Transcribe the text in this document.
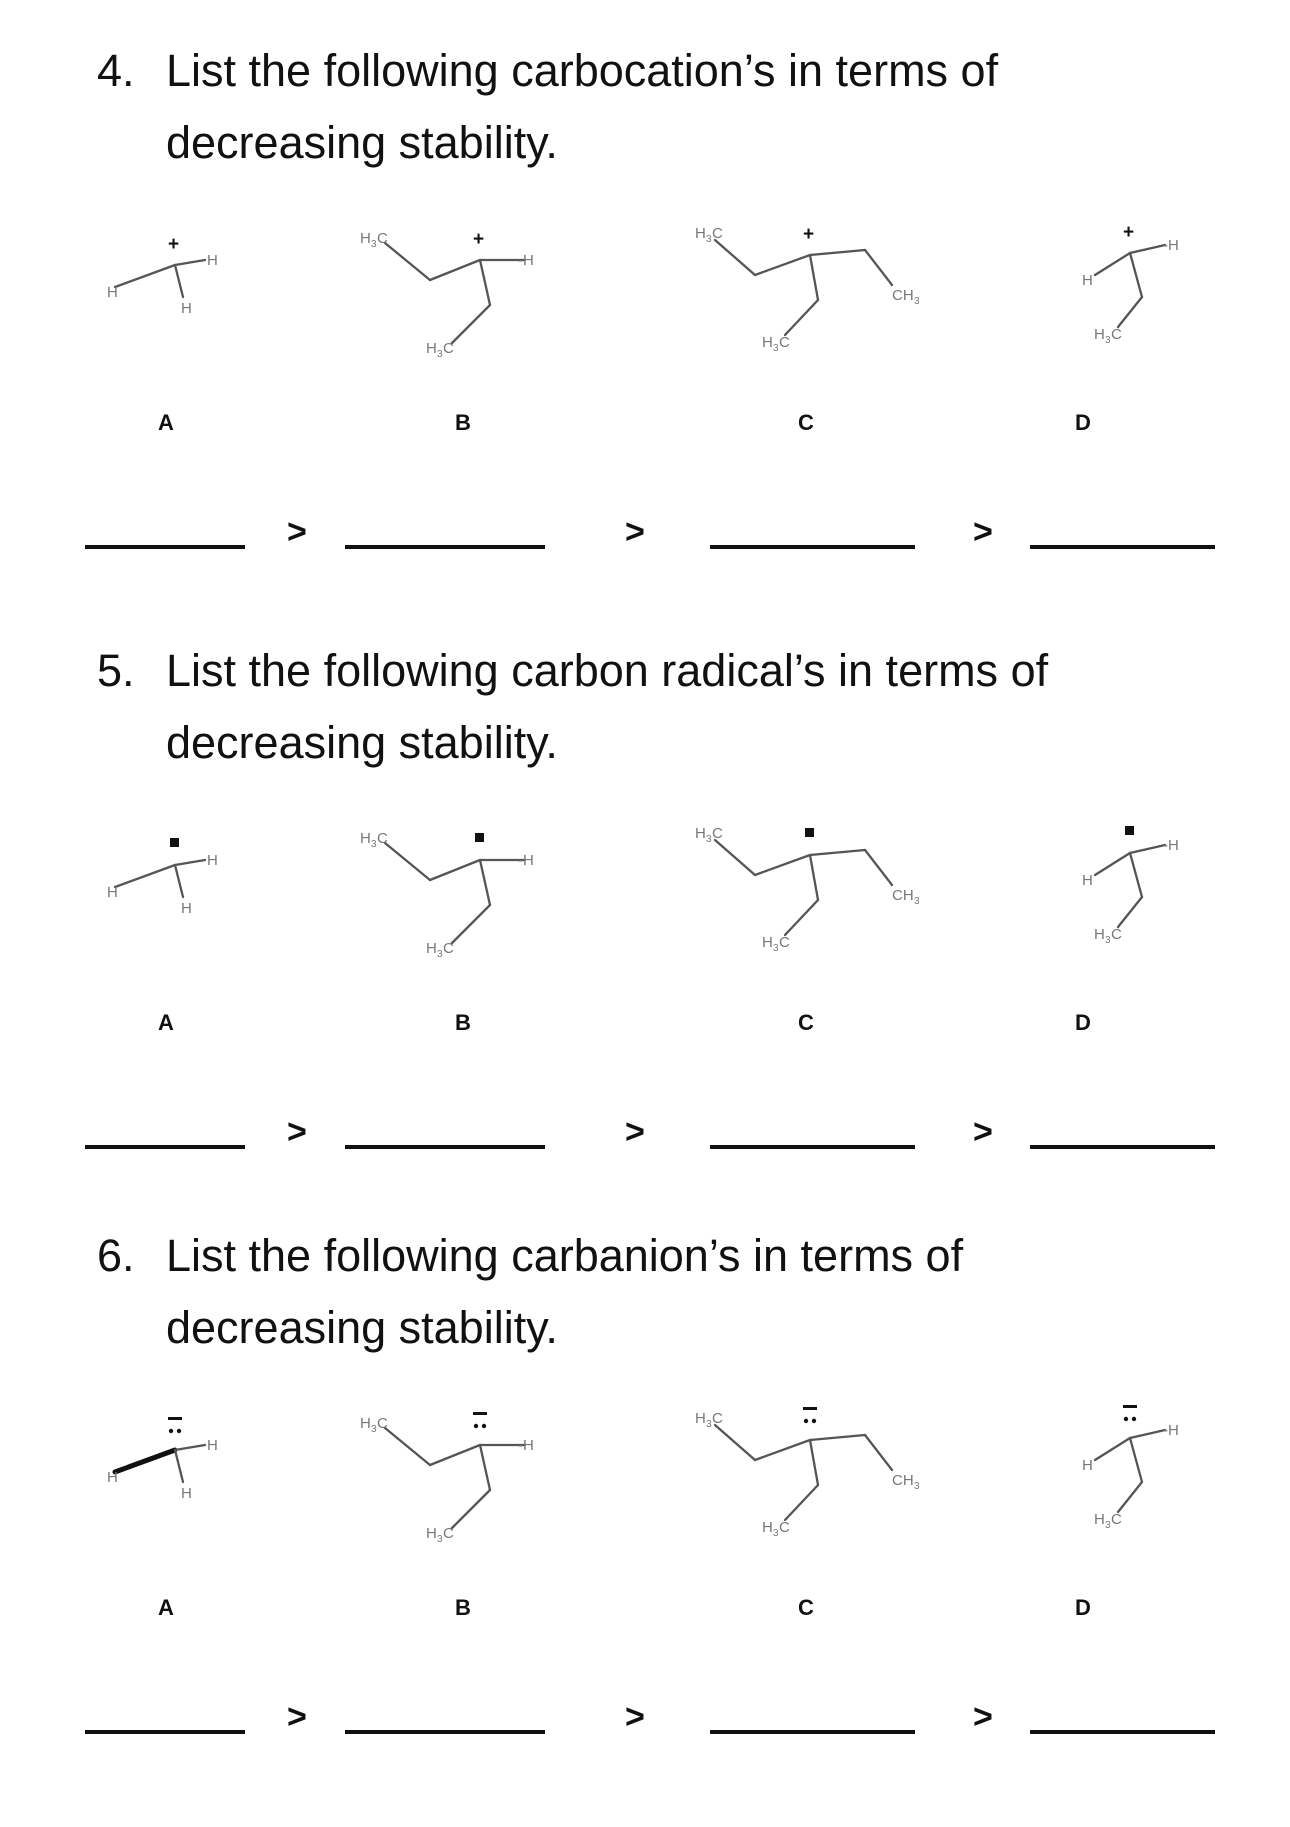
4. List the following carbocation’s in terms of
decreasing stability.
H
H
H
+
A
-H
H 3 C
H 3 C
+
B
H 3 C
CH 3
H 3 C
+
C
-H
H
H 3 C
+
D
>	>	>
5. List the following carbon radical’s in terms of
decreasing stability.
H
H
H
A
-H
H 3 C
H 3 C
B
H 3 C
CH 3
H 3 C
C
-H
H
H 3 C
D
>	>	>
6. List the following carbanion’s in terms of
decreasing stability.
H
H
H
A
-H
H 3 C
H 3 C
B
H 3 C
CH 3
H 3 C
C
-H
H
H 3 C
D
>	>	>
